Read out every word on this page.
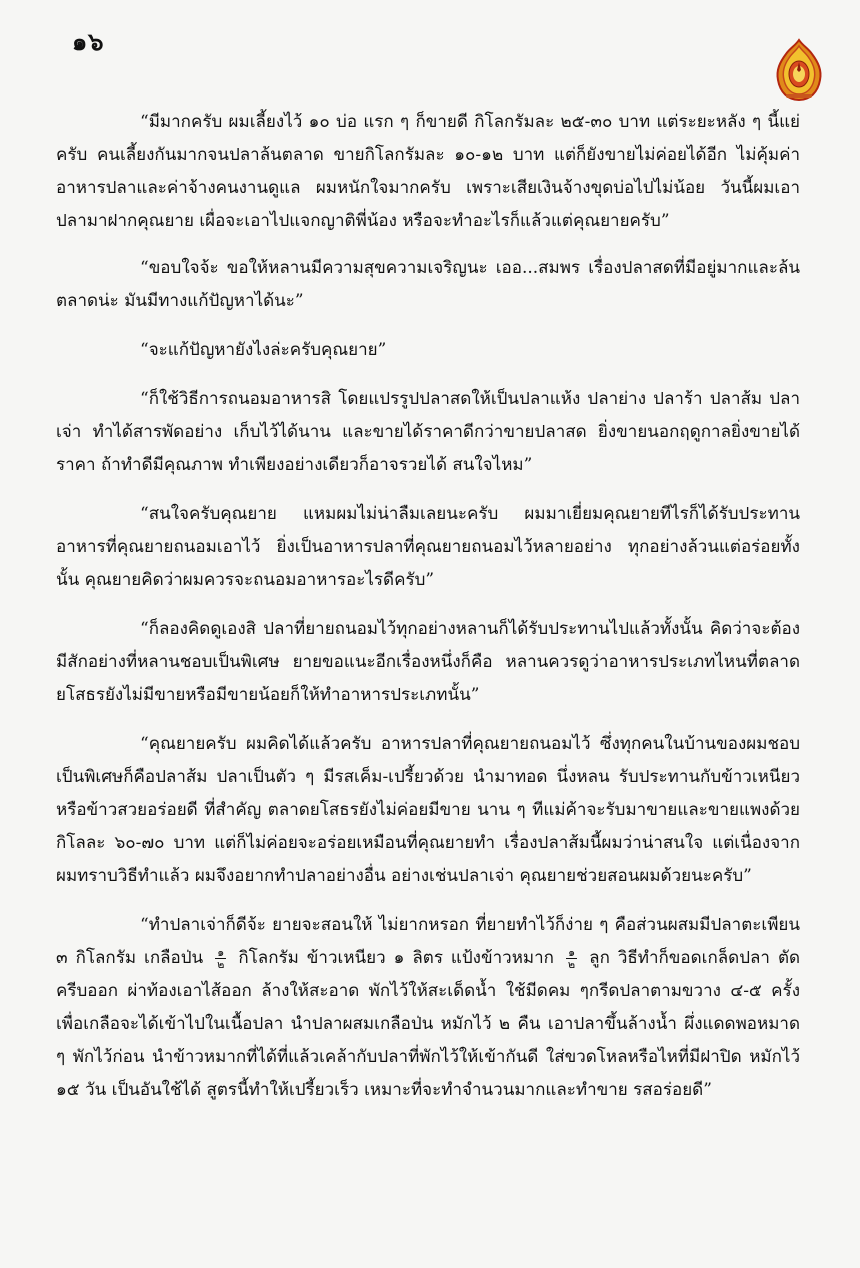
๑๖

“มีมากครับ ผมเลี้ยงไว้ ๑๐ บ่อ แรก ๆ ก็ขายดี กิโลกรัมละ ๒๕-๓๐ บาท แต่ระยะหลัง ๆ นี้แย่ครับ คนเลี้ยงกันมากจนปลาล้นตลาด ขายกิโลกรัมละ ๑๐-๑๒ บาท แต่ก็ยังขายไม่ค่อยได้อีก ไม่คุ้มค่าอาหารปลาและค่าจ้างคนงานดูแล ผมหนักใจมากครับ เพราะเสียเงินจ้างขุดบ่อไปไม่น้อย วันนี้ผมเอาปลามาฝากคุณยาย เผื่อจะเอาไปแจกญาติพี่น้อง หรือจะทำอะไรก็แล้วแต่คุณยายครับ”

“ขอบใจจ้ะ ขอให้หลานมีความสุขความเจริญนะ เออ...สมพร เรื่องปลาสดที่มีอยู่มากและล้นตลาดน่ะ มันมีทางแก้ปัญหาได้นะ”

“จะแก้ปัญหายังไงล่ะครับคุณยาย”

“ก็ใช้วิธีการถนอมอาหารสิ โดยแปรรูปปลาสดให้เป็นปลาแห้ง ปลาย่าง ปลาร้า ปลาส้ม ปลาเจ่า ทำได้สารพัดอย่าง เก็บไว้ได้นาน และขายได้ราคาดีกว่าขายปลาสด ยิ่งขายนอกฤดูกาลยิ่งขายได้ราคา ถ้าทำดีมีคุณภาพ ทำเพียงอย่างเดียวก็อาจรวยได้ สนใจไหม”

“สนใจครับคุณยาย แหมผมไม่น่าลืมเลยนะครับ ผมมาเยี่ยมคุณยายทีไรก็ได้รับประทานอาหารที่คุณยายถนอมเอาไว้ ยิ่งเป็นอาหารปลาที่คุณยายถนอมไว้หลายอย่าง ทุกอย่างล้วนแต่อร่อยทั้งนั้น คุณยายคิดว่าผมควรจะถนอมอาหารอะไรดีครับ”

“ก็ลองคิดดูเองสิ ปลาที่ยายถนอมไว้ทุกอย่างหลานก็ได้รับประทานไปแล้วทั้งนั้น คิดว่าจะต้องมีสักอย่างที่หลานชอบเป็นพิเศษ ยายขอแนะอีกเรื่องหนึ่งก็คือ หลานควรดูว่าอาหารประเภทไหนที่ตลาดยโสธรยังไม่มีขายหรือมีขายน้อยก็ให้ทำอาหารประเภทนั้น”

“คุณยายครับ ผมคิดได้แล้วครับ อาหารปลาที่คุณยายถนอมไว้ ซึ่งทุกคนในบ้านของผมชอบเป็นพิเศษก็คือปลาส้ม ปลาเป็นตัว ๆ มีรสเค็ม-เปรี้ยวด้วย นำมาทอด นึ่งหลน รับประทานกับข้าวเหนียวหรือข้าวสวยอร่อยดี ที่สำคัญ ตลาดยโสธรยังไม่ค่อยมีขาย นาน ๆ ทีแม่ค้าจะรับมาขายและขายแพงด้วย กิโลละ ๖๐-๗๐ บาท แต่ก็ไม่ค่อยจะอร่อยเหมือนที่คุณยายทำ เรื่องปลาส้มนี้ผมว่าน่าสนใจ แต่เนื่องจากผมทราบวิธีทำแล้ว ผมจึงอยากทำปลาอย่างอื่น อย่างเช่นปลาเจ่า คุณยายช่วยสอนผมด้วยนะครับ”

“ทำปลาเจ่าก็ดีจ้ะ ยายจะสอนให้ ไม่ยากหรอก ที่ยายทำไว้ก็ง่าย ๆ คือส่วนผสมมีปลาตะเพียน ๓ กิโลกรัม เกลือป่น $\frac{๑}{๒}$ กิโลกรัม ข้าวเหนียว ๑ ลิตร แป้งข้าวหมาก $\frac{๑}{๒}$ ลูก วิธีทำก็ขอดเกล็ดปลา ตัดครีบออก ผ่าท้องเอาไส้ออก ล้างให้สะอาด พักไว้ให้สะเด็ดน้ำ ใช้มีดคม ๆกรีดปลาตามขวาง ๔-๕ ครั้ง เพื่อเกลือจะได้เข้าไปในเนื้อปลา นำปลาผสมเกลือป่น หมักไว้ ๒ คืน เอาปลาขึ้นล้างน้ำ ผึ่งแดดพอหมาด ๆ พักไว้ก่อน นำข้าวหมากที่ได้ที่แล้วเคล้ากับปลาที่พักไว้ให้เข้ากันดี ใส่ขวดโหลหรือไหที่มีฝาปิด หมักไว้ ๑๕ วัน เป็นอันใช้ได้ สูตรนี้ทำให้เปรี้ยวเร็ว เหมาะที่จะทำจำนวนมากและทำขาย รสอร่อยดี”
